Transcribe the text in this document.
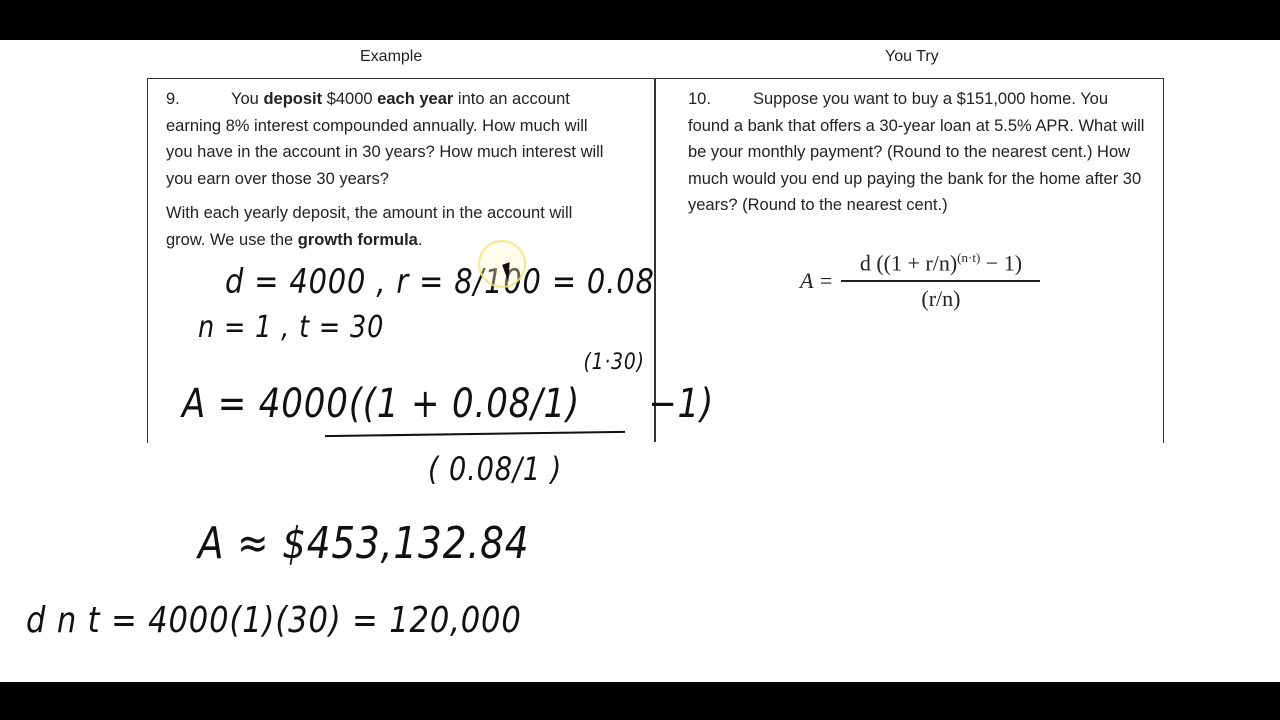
Example	You Try

9.	You deposit $4000 each year into an account earning 8% interest compounded annually. How much will you have in the account in 30 years? How much interest will you earn over those 30 years?

With each yearly deposit, the amount in the account will grow. We use the growth formula.

10.	Suppose you want to buy a $151,000 home. You found a bank that offers a 30-year loan at 5.5% APR. What will be your monthly payment? (Round to the nearest cent.) How much would you end up paying the bank for the home after 30 years? (Round to the nearest cent.)

$A = \frac{d ((1 + r/n)^{(n\cdot t)} - 1)}{(r/n)}$
d = 4000 , r = 8/100 = 0.08
n = 1 , t = 30
A = 4000((1 + 0.08/1)
(1·30)
−1)
( 0.08/1 )
A ≈ $453,132.84
d n t = 4000(1)(30) = 120,000
